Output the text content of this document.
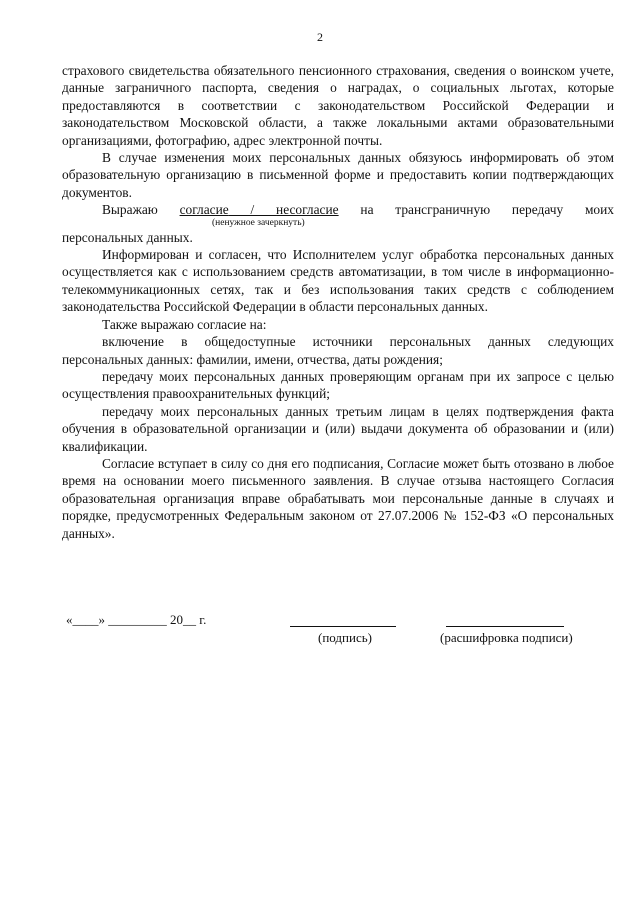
2

страхового свидетельства обязательного пенсионного страхования, сведения о воинском учете, данные заграничного паспорта, сведения о наградах, о социальных льготах, которые предоставляются в соответствии с законодательством Российской Федерации и законодательством Московской области, а также локальными актами образовательными организациями, фотографию, адрес электронной почты.

В случае изменения моих персональных данных обязуюсь информировать об этом образовательную организацию в письменной форме и предоставить копии подтверждающих документов.

Выражаю согласие / несогласие на трансграничную передачу моих

(ненужное зачеркнуть)

персональных данных.

Информирован и согласен, что Исполнителем услуг обработка персональных данных осуществляется как с использованием средств автоматизации, в том числе в информационно-телекоммуникационных сетях, так и без использования таких средств с соблюдением законодательства Российской Федерации в области персональных данных.

Также выражаю согласие на:

включение в общедоступные источники персональных данных следующих персональных данных: фамилии, имени, отчества, даты рождения;

передачу моих персональных данных проверяющим органам при их запросе с целью осуществления правоохранительных функций;

передачу моих персональных данных третьим лицам в целях подтверждения факта обучения в образовательной организации и (или) выдачи документа об образовании и (или) квалификации.

Согласие вступает в силу со дня его подписания, Согласие может быть отозвано в любое время на основании моего письменного заявления. В случае отзыва настоящего Согласия образовательная организация вправе обрабатывать мои персональные данные в случаях и порядке, предусмотренных Федеральным законом от 27.07.2006 № 152-ФЗ «О персональных данных».

«____» _________ 20__ г.
(подпись)	(расшифровка подписи)
